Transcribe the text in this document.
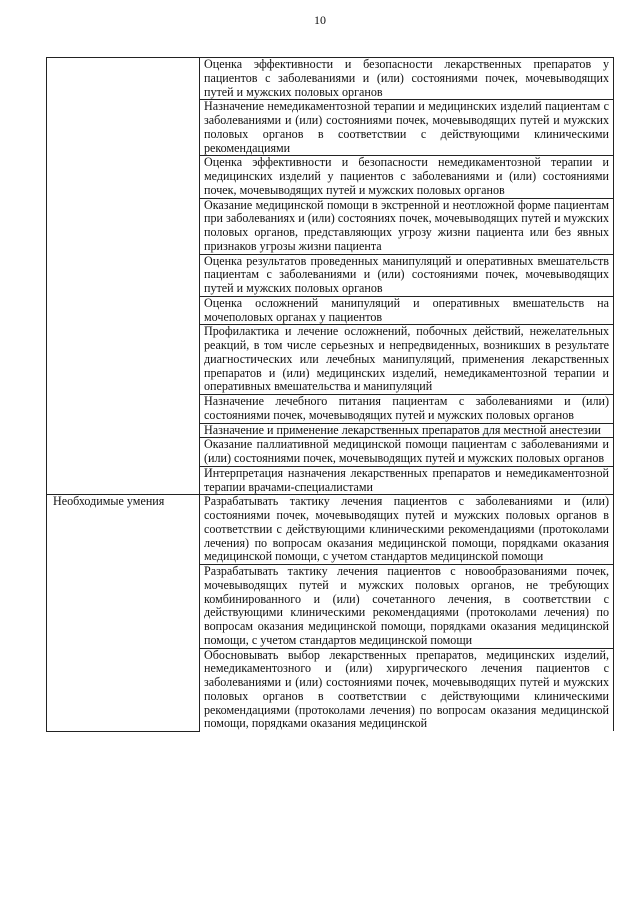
10
	Оценка эффективности и безопасности лекарственных препаратов у пациентов с заболеваниями и (или) состояниями почек, мочевыводящих путей и мужских половых органов
	Назначение немедикаментозной терапии и медицинских изделий пациентам с заболеваниями и (или) состояниями почек, мочевыводящих путей и мужских половых органов в соответствии с действующими клиническими рекомендациями
	Оценка эффективности и безопасности немедикаментозной терапии и медицинских изделий у пациентов с заболеваниями и (или) состояниями почек, мочевыводящих путей и мужских половых органов
	Оказание медицинской помощи в экстренной и неотложной форме пациентам при заболеваниях и (или) состояниях почек, мочевыводящих путей и мужских половых органов, представляющих угрозу жизни пациента или без явных признаков угрозы жизни пациента
	Оценка результатов проведенных манипуляций и оперативных вмешательств пациентам с заболеваниями и (или) состояниями почек, мочевыводящих путей и мужских половых органов
	Оценка осложнений манипуляций и оперативных вмешательств на мочеполовых органах у пациентов
	Профилактика и лечение осложнений, побочных действий, нежелательных реакций, в том числе серьезных и непредвиденных, возникших в результате диагностических или лечебных манипуляций, применения лекарственных препаратов и (или) медицинских изделий, немедикаментозной терапии и оперативных вмешательства и манипуляций
	Назначение лечебного питания пациентам с заболеваниями и (или) состояниями почек, мочевыводящих путей и мужских половых органов
	Назначение и применение лекарственных препаратов для местной анестезии
	Оказание паллиативной медицинской помощи пациентам с заболеваниями и (или) состояниями почек, мочевыводящих путей и мужских половых органов
	Интерпретация назначения лекарственных препаратов и немедикаментозной терапии врачами-специалистами
Необходимые умения	Разрабатывать тактику лечения пациентов с заболеваниями и (или) состояниями почек, мочевыводящих путей и мужских половых органов в соответствии с действующими клиническими рекомендациями (протоколами лечения) по вопросам оказания медицинской помощи, порядками оказания медицинской помощи, с учетом стандартов медицинской помощи
	Разрабатывать тактику лечения пациентов с новообразованиями почек, мочевыводящих путей и мужских половых органов, не требующих комбинированного и (или) сочетанного лечения, в соответствии с действующими клиническими рекомендациями (протоколами лечения) по вопросам оказания медицинской помощи, порядками оказания медицинской помощи, с учетом стандартов медицинской помощи
	Обосновывать выбор лекарственных препаратов, медицинских изделий, немедикаментозного и (или) хирургического лечения пациентов с заболеваниями и (или) состояниями почек, мочевыводящих путей и мужских половых органов в соответствии с действующими клиническими рекомендациями (протоколами лечения) по вопросам оказания медицинской помощи, порядками оказания медицинской
